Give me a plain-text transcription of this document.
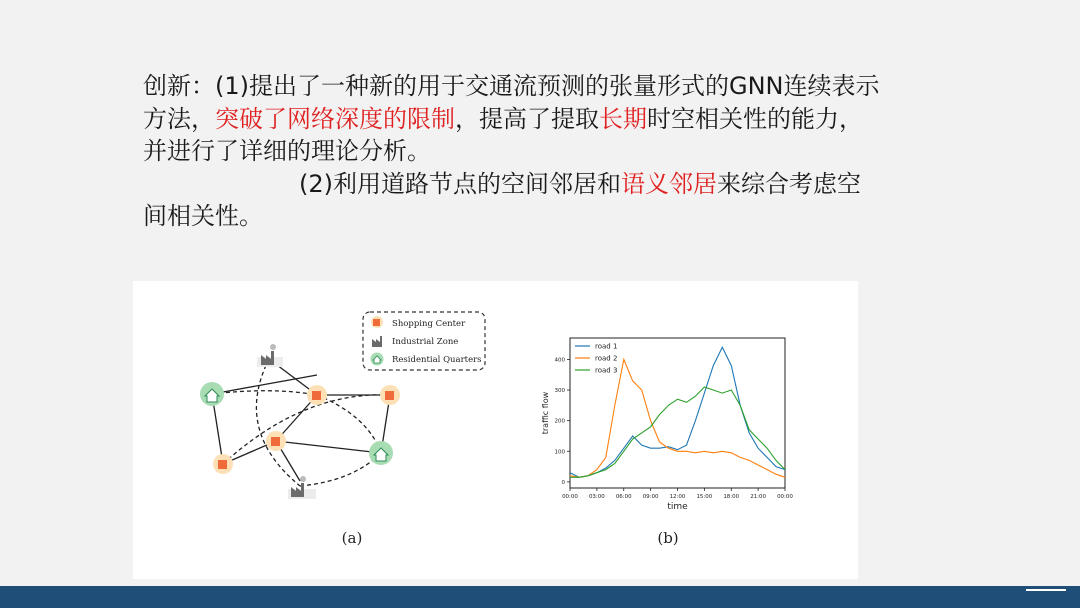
创新：(1)提出了一种新的用于交通流预测的张量形式的GNN连续表示方法，突破了网络深度的限制，提高了提取长期时空相关性的能力，并进行了详细的理论分析。

(2)利用道路节点的空间邻居和语义邻居来综合考虑空间相关性。

Shopping Center
Industrial Zone
Residential Quarters
(a)
0
100
200
300
400
00:00 03:00 06:00 09:00 12:00 15:00 18:00 21:00 00:00
time
traffic flow
road 1
road 2
road 3
(b)
